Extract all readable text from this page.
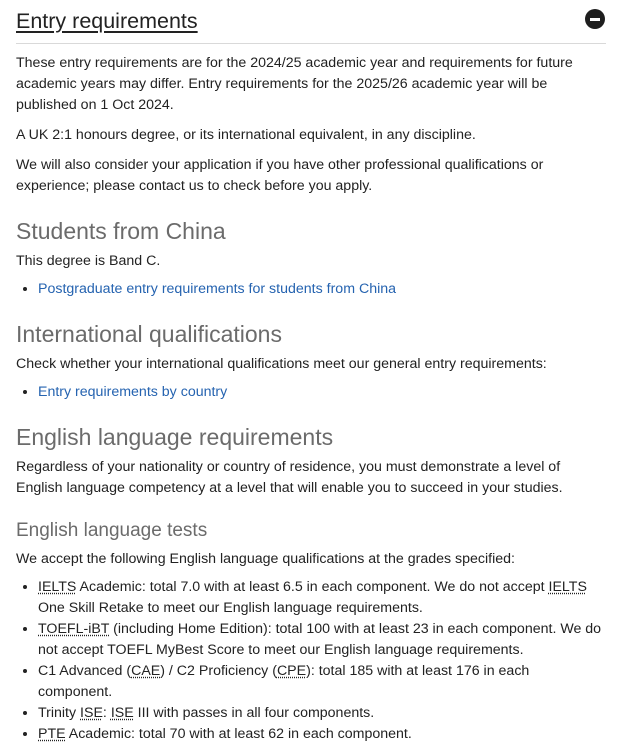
Entry requirements

These entry requirements are for the 2024/25 academic year and requirements for future academic years may differ. Entry requirements for the 2025/26 academic year will be published on 1 Oct 2024.

A UK 2:1 honours degree, or its international equivalent, in any discipline.

We will also consider your application if you have other professional qualifications or experience; please contact us to check before you apply.

Students from China

This degree is Band C.

• Postgraduate entry requirements for students from China
International qualifications

Check whether your international qualifications meet our general entry requirements:

• Entry requirements by country
English language requirements

Regardless of your nationality or country of residence, you must demonstrate a level of English language competency at a level that will enable you to succeed in your studies.

English language tests

We accept the following English language qualifications at the grades specified:

• IELTS Academic: total 7.0 with at least 6.5 in each component. We do not accept IELTS One Skill Retake to meet our English language requirements.
• TOEFL-iBT (including Home Edition): total 100 with at least 23 in each component. We do not accept TOEFL MyBest Score to meet our English language requirements.
• C1 Advanced (CAE) / C2 Proficiency (CPE): total 185 with at least 176 in each component.
• Trinity ISE: ISE III with passes in all four components.
• PTE Academic: total 70 with at least 62 in each component.
